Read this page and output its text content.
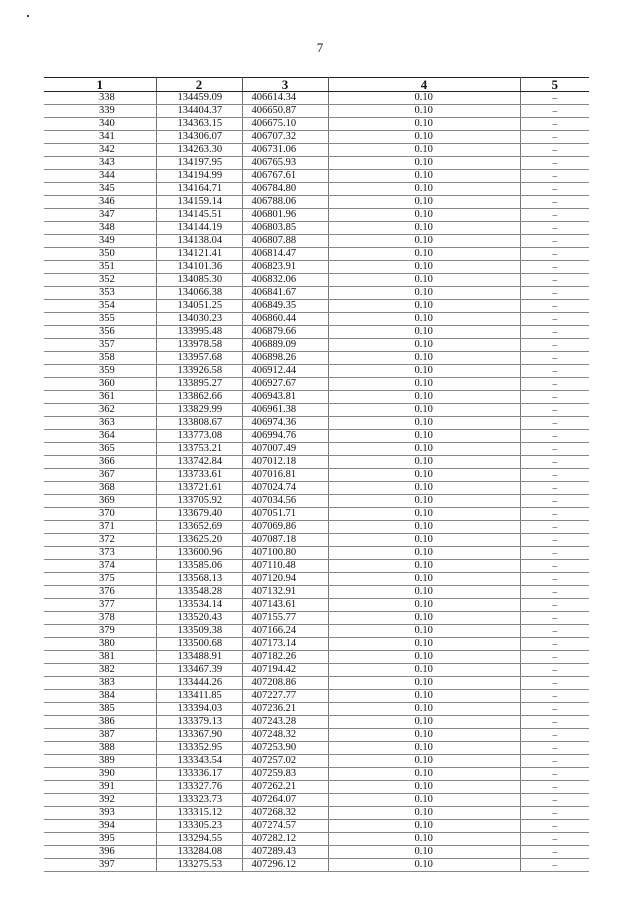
7
1	2	3	4	5
338	134459.09	406614.34	0.10	–
339	134404.37	406650.87	0.10	–
340	134363.15	406675.10	0.10	–
341	134306.07	406707.32	0.10	–
342	134263.30	406731.06	0.10	–
343	134197.95	406765.93	0.10	–
344	134194.99	406767.61	0.10	–
345	134164.71	406784.80	0.10	–
346	134159.14	406788.06	0.10	–
347	134145.51	406801.96	0.10	–
348	134144.19	406803.85	0.10	–
349	134138.04	406807.88	0.10	–
350	134121.41	406814.47	0.10	–
351	134101.36	406823.91	0.10	–
352	134085.30	406832.06	0.10	–
353	134066.38	406841.67	0.10	–
354	134051.25	406849.35	0.10	–
355	134030.23	406860.44	0.10	–
356	133995.48	406879.66	0.10	–
357	133978.58	406889.09	0.10	–
358	133957.68	406898.26	0.10	–
359	133926.58	406912.44	0.10	–
360	133895.27	406927.67	0.10	–
361	133862.66	406943.81	0.10	–
362	133829.99	406961.38	0.10	–
363	133808.67	406974.36	0.10	–
364	133773.08	406994.76	0.10	–
365	133753.21	407007.49	0.10	–
366	133742.84	407012.18	0.10	–
367	133733.61	407016.81	0.10	–
368	133721.61	407024.74	0.10	–
369	133705.92	407034.56	0.10	–
370	133679.40	407051.71	0.10	–
371	133652.69	407069.86	0.10	–
372	133625.20	407087.18	0.10	–
373	133600.96	407100.80	0.10	–
374	133585.06	407110.48	0.10	–
375	133568.13	407120.94	0.10	–
376	133548.28	407132.91	0.10	–
377	133534.14	407143.61	0.10	–
378	133520.43	407155.77	0.10	–
379	133509.38	407166.24	0.10	–
380	133500.68	407173.14	0.10	–
381	133488.91	407182.26	0.10	–
382	133467.39	407194.42	0.10	–
383	133444.26	407208.86	0.10	–
384	133411.85	407227.77	0.10	–
385	133394.03	407236.21	0.10	–
386	133379.13	407243.28	0.10	–
387	133367.90	407248.32	0.10	–
388	133352.95	407253.90	0.10	–
389	133343.54	407257.02	0.10	–
390	133336.17	407259.83	0.10	–
391	133327.76	407262.21	0.10	–
392	133323.73	407264.07	0.10	–
393	133315.12	407268.32	0.10	–
394	133305.23	407274.57	0.10	–
395	133294.55	407282.12	0.10	–
396	133284.08	407289.43	0.10	–
397	133275.53	407296.12	0.10	–
